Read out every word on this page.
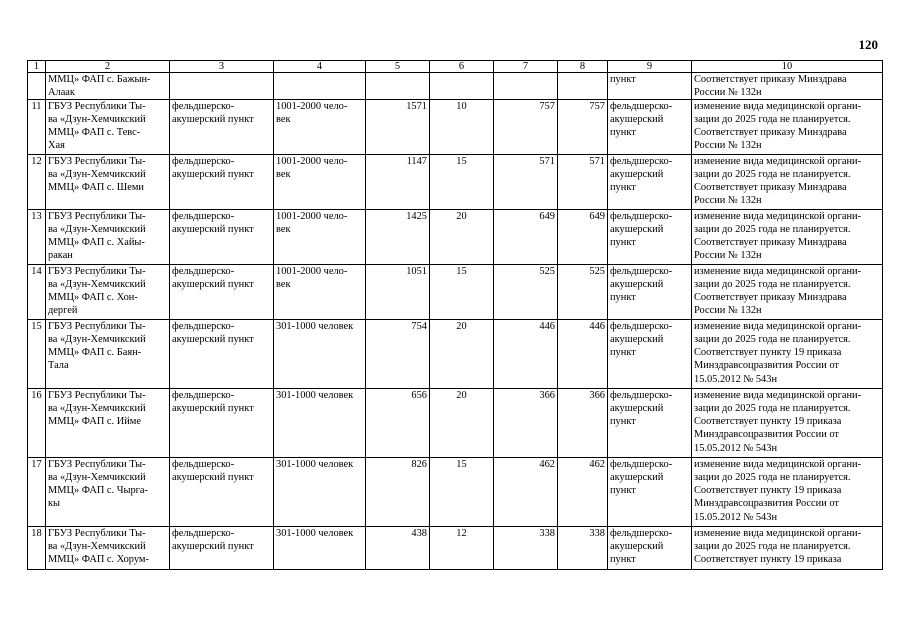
120
1	2	3	4	5	6	7	8	9	10

	ММЦ» ФАП с. Бажын-
Алаак							пункт	Соответствует приказу Минздрава
России № 132н

11	ГБУЗ Республики Ты-
ва «Дзун-Хемчикский
ММЦ» ФАП с. Тевс-
Хая	фельдшерско-
акушерский пункт	1001-2000 чело-
век	1571	10	757	757	фельдшерско-
акушерский
пункт	изменение вида медицинской органи-
зации до 2025 года не планируется.
Соответствует приказу Минздрава
России № 132н

12	ГБУЗ Республики Ты-
ва «Дзун-Хемчикский
ММЦ» ФАП с. Шеми	фельдшерско-
акушерский пункт	1001-2000 чело-
век	1147	15	571	571	фельдшерско-
акушерский
пункт	изменение вида медицинской органи-
зации до 2025 года не планируется.
Соответствует приказу Минздрава
России № 132н

13	ГБУЗ Республики Ты-
ва «Дзун-Хемчикский
ММЦ» ФАП с. Хайы-
ракан	фельдшерско-
акушерский пункт	1001-2000 чело-
век	1425	20	649	649	фельдшерско-
акушерский
пункт	изменение вида медицинской органи-
зации до 2025 года не планируется.
Соответствует приказу Минздрава
России № 132н

14	ГБУЗ Республики Ты-
ва «Дзун-Хемчикский
ММЦ» ФАП с. Хон-
дергей	фельдшерско-
акушерский пункт	1001-2000 чело-
век	1051	15	525	525	фельдшерско-
акушерский
пункт	изменение вида медицинской органи-
зации до 2025 года не планируется.
Соответствует приказу Минздрава
России № 132н

15	ГБУЗ Республики Ты-
ва «Дзун-Хемчикский
ММЦ» ФАП с. Баян-
Тала	фельдшерско-
акушерский пункт	301-1000 человек	754	20	446	446	фельдшерско-
акушерский
пункт	изменение вида медицинской органи-
зации до 2025 года не планируется.
Соответствует пункту 19 приказа
Минздравсоцразвития России от
15.05.2012 № 543н

16	ГБУЗ Республики Ты-
ва «Дзун-Хемчикский
ММЦ» ФАП с. Ийме	фельдшерско-
акушерский пункт	301-1000 человек	656	20	366	366	фельдшерско-
акушерский
пункт	изменение вида медицинской органи-
зации до 2025 года не планируется.
Соответствует пункту 19 приказа
Минздравсоцразвития России от
15.05.2012 № 543н

17	ГБУЗ Республики Ты-
ва «Дзун-Хемчикский
ММЦ» ФАП с. Чырга-
кы	фельдшерско-
акушерский пункт	301-1000 человек	826	15	462	462	фельдшерско-
акушерский
пункт	изменение вида медицинской органи-
зации до 2025 года не планируется.
Соответствует пункту 19 приказа
Минздравсоцразвития России от
15.05.2012 № 543н

18	ГБУЗ Республики Ты-
ва «Дзун-Хемчикский
ММЦ» ФАП с. Хорум-	фельдшерско-
акушерский пункт	301-1000 человек	438	12	338	338	фельдшерско-
акушерский
пункт	изменение вида медицинской органи-
зации до 2025 года не планируется.
Соответствует пункту 19 приказа
